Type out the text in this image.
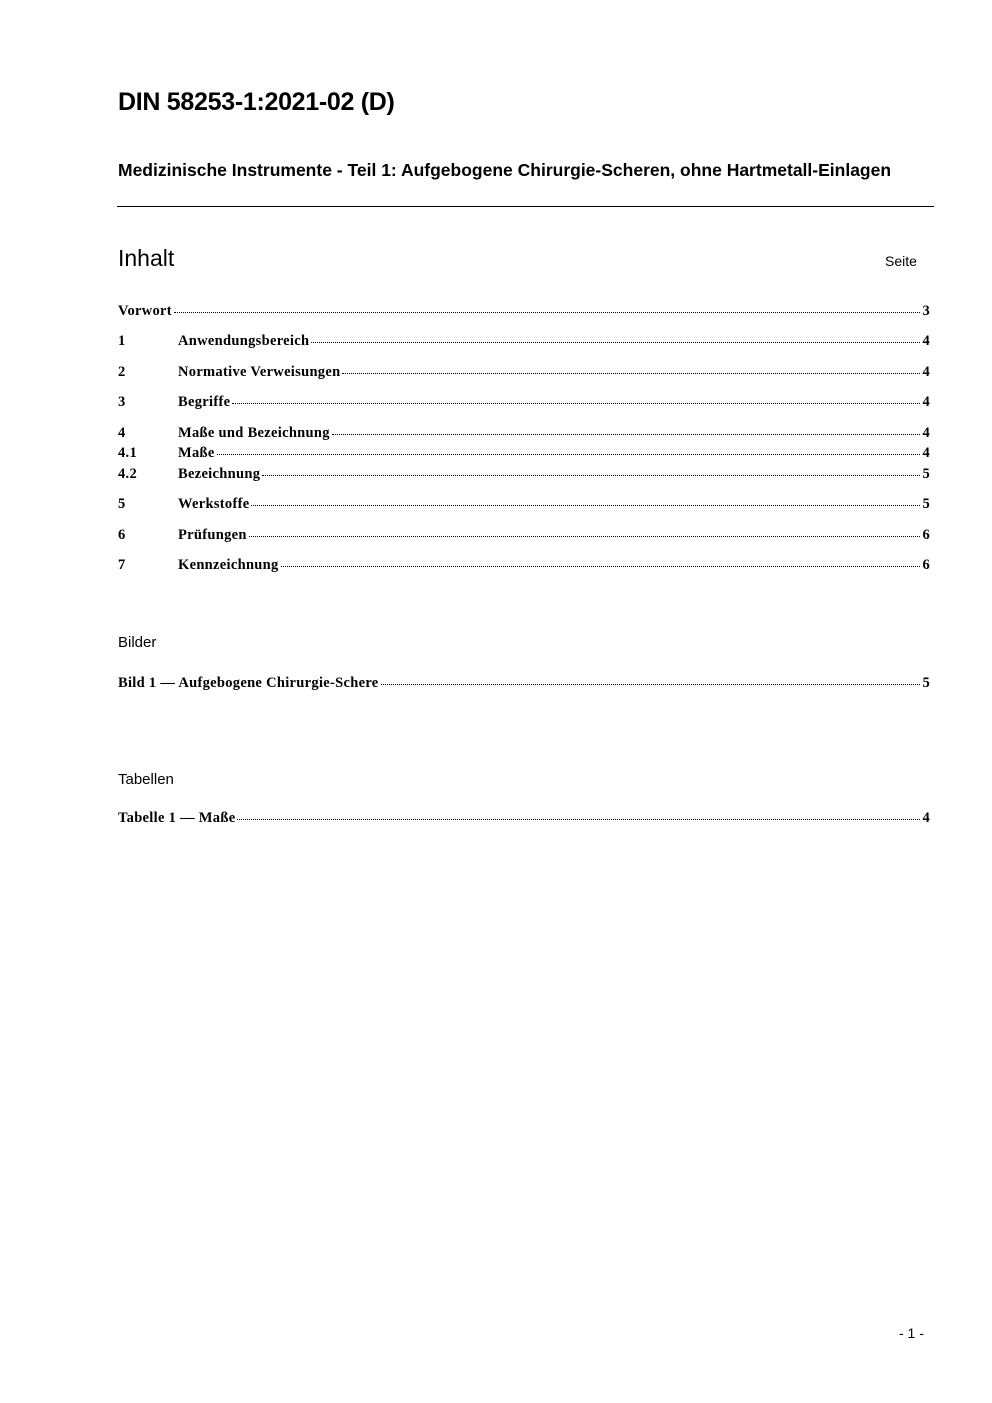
DIN 58253-1:2021-02 (D)
Medizinische Instrumente - Teil 1: Aufgebogene Chirurgie-Scheren, ohne Hartmetall-Einlagen
Inhalt	Seite
Vorwort	3
1	Anwendungsbereich	4
2	Normative Verweisungen	4
3	Begriffe	4
4	Maße und Bezeichnung	4
4.1	Maße	4
4.2	Bezeichnung	5
5	Werkstoffe	5
6	Prüfungen	6
7	Kennzeichnung	6
Bilder
Bild 1 — Aufgebogene Chirurgie-Schere	5
Tabellen
Tabelle 1 — Maße	4
- 1 -
